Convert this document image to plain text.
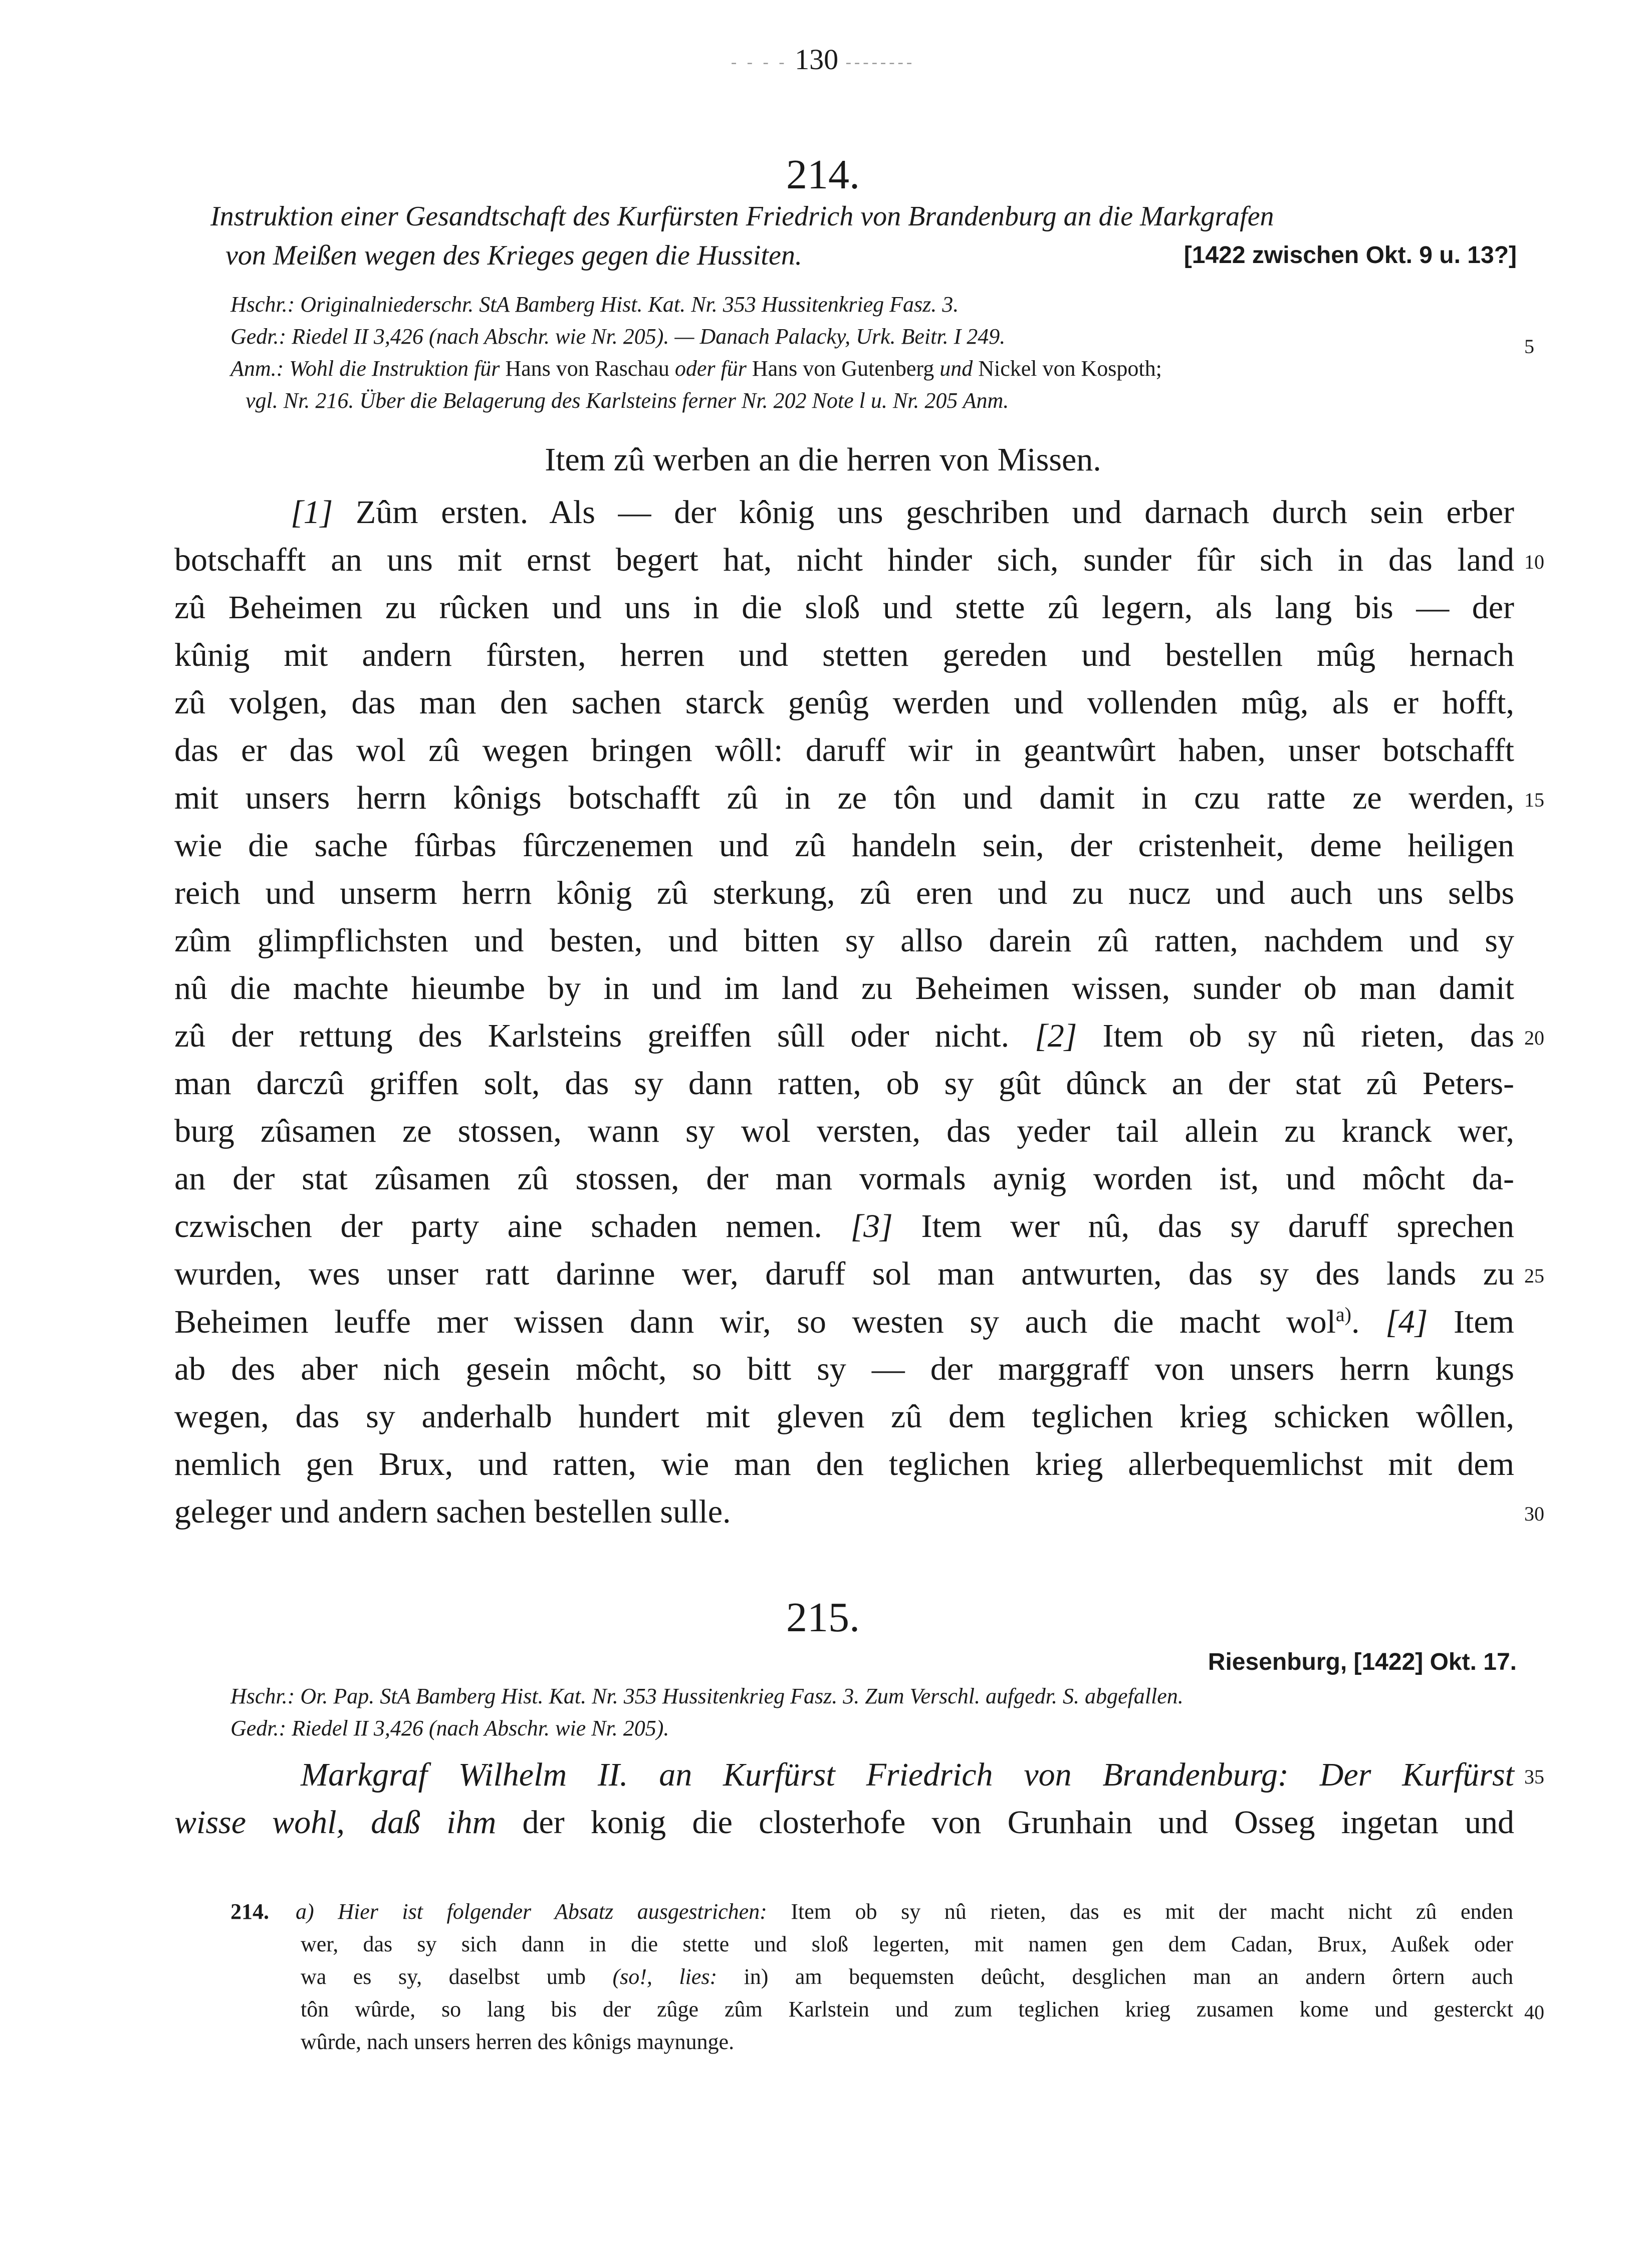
- - - - 130 --------
214.
Instruktion einer Gesandtschaft des Kurfürsten Friedrich von Brandenburg an die Markgrafen
von Meißen wegen des Krieges gegen die Hussiten.	[1422 zwischen Okt. 9 u. 13?]
Hschr.: Originalniederschr. StA Bamberg Hist. Kat. Nr. 353 Hussitenkrieg Fasz. 3.
Gedr.: Riedel II 3,426 (nach Abschr. wie Nr. 205). — Danach Palacky, Urk. Beitr. I 249.
Anm.: Wohl die Instruktion für Hans von Raschau oder für Hans von Gutenberg und Nickel von Kospoth;
vgl. Nr. 216. Über die Belagerung des Karlsteins ferner Nr. 202 Note l u. Nr. 205 Anm.
Item zû werben an die herren von Missen.
[1] Zûm ersten. Als — der kônig uns geschriben und darnach durch sein erber
botschafft an uns mit ernst begert hat, nicht hinder sich, sunder fûr sich in das land
zû Beheimen zu rûcken und uns in die sloß und stette zû legern, als lang bis — der
kûnig mit andern fûrsten, herren und stetten gereden und bestellen mûg hernach
zû volgen, das man den sachen starck genûg werden und vollenden mûg, als er hofft,
das er das wol zû wegen bringen wôll: daruff wir in geantwûrt haben, unser botschafft
mit unsers herrn kônigs botschafft zû in ze tôn und damit in czu ratte ze werden,
wie die sache fûrbas fûrczenemen und zû handeln sein, der cristenheit, deme heiligen
reich und unserm herrn kônig zû sterkung, zû eren und zu nucz und auch uns selbs
zûm glimpflichsten und besten, und bitten sy allso darein zû ratten, nachdem und sy
nû die machte hieumbe by in und im land zu Beheimen wissen, sunder ob man damit
zû der rettung des Karlsteins greiffen sûll oder nicht. [2] Item ob sy nû rieten, das
man darczû griffen solt, das sy dann ratten, ob sy gût dûnck an der stat zû Peters-
burg zûsamen ze stossen, wann sy wol versten, das yeder tail allein zu kranck wer,
an der stat zûsamen zû stossen, der man vormals aynig worden ist, und môcht da-
czwischen der party aine schaden nemen. [3] Item wer nû, das sy daruff sprechen
wurden, wes unser ratt darinne wer, daruff sol man antwurten, das sy des lands zu
Beheimen leuffe mer wissen dann wir, so westen sy auch die macht wol$^{a)}$. [4] Item
ab des aber nich gesein môcht, so bitt sy — der marggraff von unsers herrn kungs
wegen, das sy anderhalb hundert mit gleven zû dem teglichen krieg schicken wôllen,
nemlich gen Brux, und ratten, wie man den teglichen krieg allerbequemlichst mit dem
geleger und andern sachen bestellen sulle.
215.
Riesenburg, [1422] Okt. 17.
Hschr.: Or. Pap. StA Bamberg Hist. Kat. Nr. 353 Hussitenkrieg Fasz. 3. Zum Verschl. aufgedr. S. abgefallen.
Gedr.: Riedel II 3,426 (nach Abschr. wie Nr. 205).
Markgraf Wilhelm II. an Kurfürst Friedrich von Brandenburg: Der Kurfürst
wisse wohl, daß ihm der konig die closterhofe von Grunhain und Osseg ingetan und
214. a) Hier ist folgender Absatz ausgestrichen: Item ob sy nû rieten, das es mit der macht nicht zû enden
wer, das sy sich dann in die stette und sloß legerten, mit namen gen dem Cadan, Brux, Außek oder
wa es sy, daselbst umb (so!, lies: in) am bequemsten deûcht, desglichen man an andern ôrtern auch
tôn wûrde, so lang bis der zûge zûm Karlstein und zum teglichen krieg zusamen kome und gesterckt
wûrde, nach unsers herren des kônigs maynunge.
5
10
15
20
25
30
35
40
